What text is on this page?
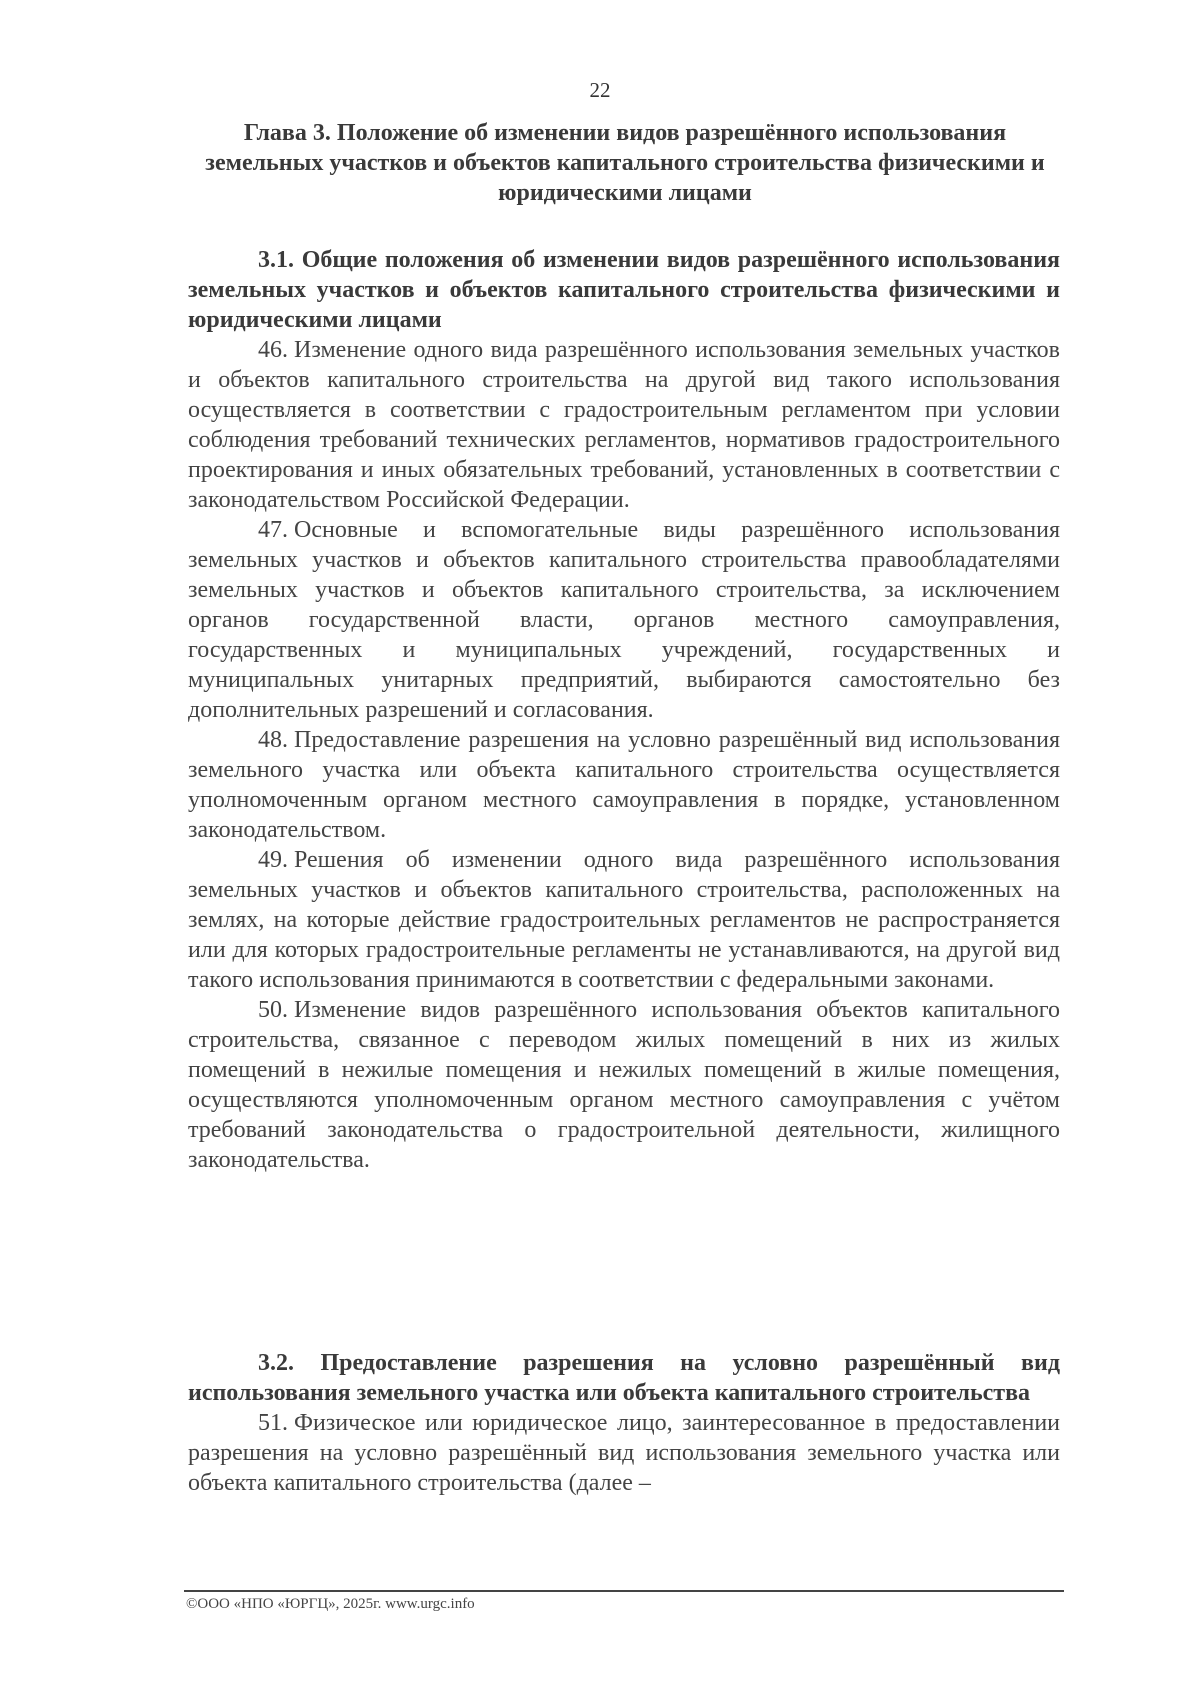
22
Глава 3. Положение об изменении видов разрешённого использования земельных участков и объектов капитального строительства физическими и юридическими лицами

3.1. Общие положения об изменении видов разрешённого использования земельных участков и объектов капитального строительства физическими и юридическими лицами

46. Изменение одного вида разрешённого использования земельных участков и объектов капитального строительства на другой вид такого использования осуществляется в соответствии с градостроительным регламентом при условии соблюдения требований технических регламентов, нормативов градостроительного проектирования и иных обязательных требований, установленных в соответствии с законодательством Российской Федерации.

47. Основные и вспомогательные виды разрешённого использования земельных участков и объектов капитального строительства правообладателями земельных участков и объектов капитального строительства, за исключением органов государственной власти, органов местного самоуправления, государственных и муниципальных учреждений, государственных и муниципальных унитарных предприятий, выбираются самостоятельно без дополнительных разрешений и согласования.

48. Предоставление разрешения на условно разрешённый вид использования земельного участка или объекта капитального строительства осуществляется уполномоченным органом местного самоуправления в порядке, установленном законодательством.

49. Решения об изменении одного вида разрешённого использования земельных участков и объектов капитального строительства, расположенных на землях, на которые действие градостроительных регламентов не распространяется или для которых градостроительные регламенты не устанавливаются, на другой вид такого использования принимаются в соответствии с федеральными законами.

50. Изменение видов разрешённого использования объектов капитального строительства, связанное с переводом жилых помещений в них из жилых помещений в нежилые помещения и нежилых помещений в жилые помещения, осуществляются уполномоченным органом местного самоуправления с учётом требований законодательства о градостроительной деятельности, жилищного законодательства.

3.2. Предоставление разрешения на условно разрешённый вид использования земельного участка или объекта капитального строительства

51. Физическое или юридическое лицо, заинтересованное в предоставлении разрешения на условно разрешённый вид использования земельного участка или объекта капитального строительства (далее –

©ООО «НПО «ЮРГЦ», 2025г. www.urgc.info
